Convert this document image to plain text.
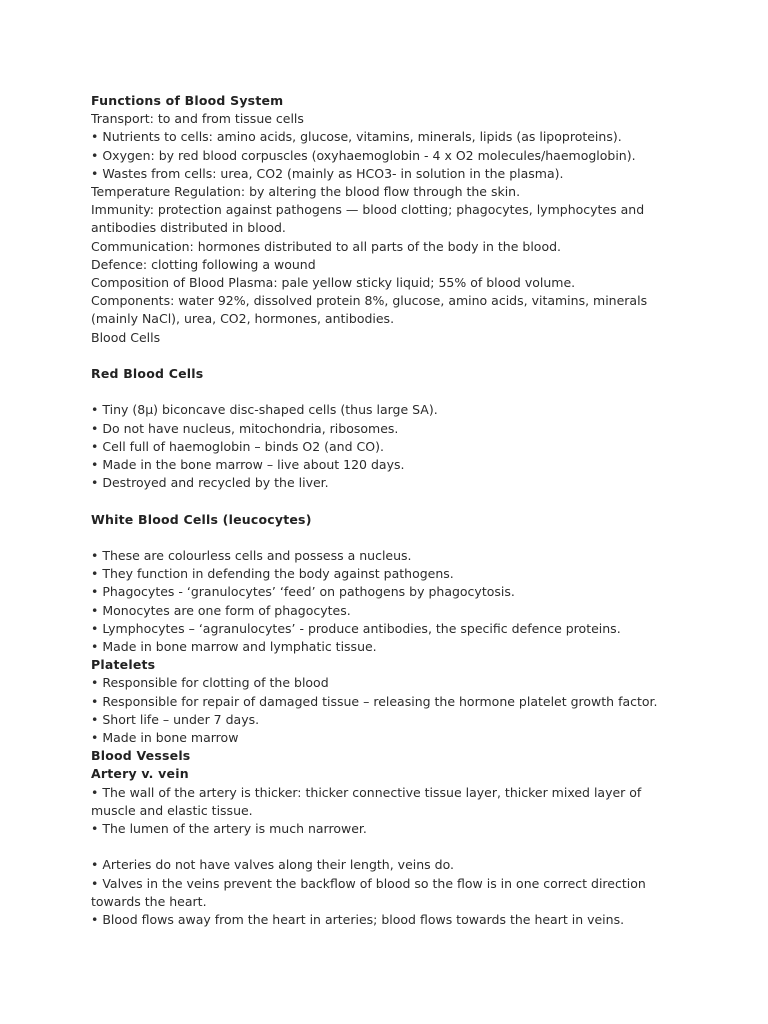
Functions of Blood System
Transport: to and from tissue cells
• Nutrients to cells: amino acids, glucose, vitamins, minerals, lipids (as lipoproteins).
• Oxygen: by red blood corpuscles (oxyhaemoglobin - 4 x O2 molecules/haemoglobin).
• Wastes from cells: urea, CO2 (mainly as HCO3- in solution in the plasma).
Temperature Regulation: by altering the blood flow through the skin.
Immunity: protection against pathogens — blood clotting; phagocytes, lymphocytes and
antibodies distributed in blood.
Communication: hormones distributed to all parts of the body in the blood.
Defence: clotting following a wound
Composition of Blood Plasma: pale yellow sticky liquid; 55% of blood volume.
Components: water 92%, dissolved protein 8%, glucose, amino acids, vitamins, minerals
(mainly NaCl), urea, CO2, hormones, antibodies.
Blood Cells
Red Blood Cells
• Tiny (8μ) biconcave disc-shaped cells (thus large SA).
• Do not have nucleus, mitochondria, ribosomes.
• Cell full of haemoglobin – binds O2 (and CO).
• Made in the bone marrow – live about 120 days.
• Destroyed and recycled by the liver.
White Blood Cells (leucocytes)
• These are colourless cells and possess a nucleus.
• They function in defending the body against pathogens.
• Phagocytes - ‘granulocytes’ ‘feed’ on pathogens by phagocytosis.
• Monocytes are one form of phagocytes.
• Lymphocytes – ‘agranulocytes’ - produce antibodies, the specific defence proteins.
• Made in bone marrow and lymphatic tissue.
Platelets
• Responsible for clotting of the blood
• Responsible for repair of damaged tissue – releasing the hormone platelet growth factor.
• Short life – under 7 days.
• Made in bone marrow
Blood Vessels
Artery v. vein
• The wall of the artery is thicker: thicker connective tissue layer, thicker mixed layer of
muscle and elastic tissue.
• The lumen of the artery is much narrower.
• Arteries do not have valves along their length, veins do.
• Valves in the veins prevent the backflow of blood so the flow is in one correct direction
towards the heart.
• Blood flows away from the heart in arteries; blood flows towards the heart in veins.
